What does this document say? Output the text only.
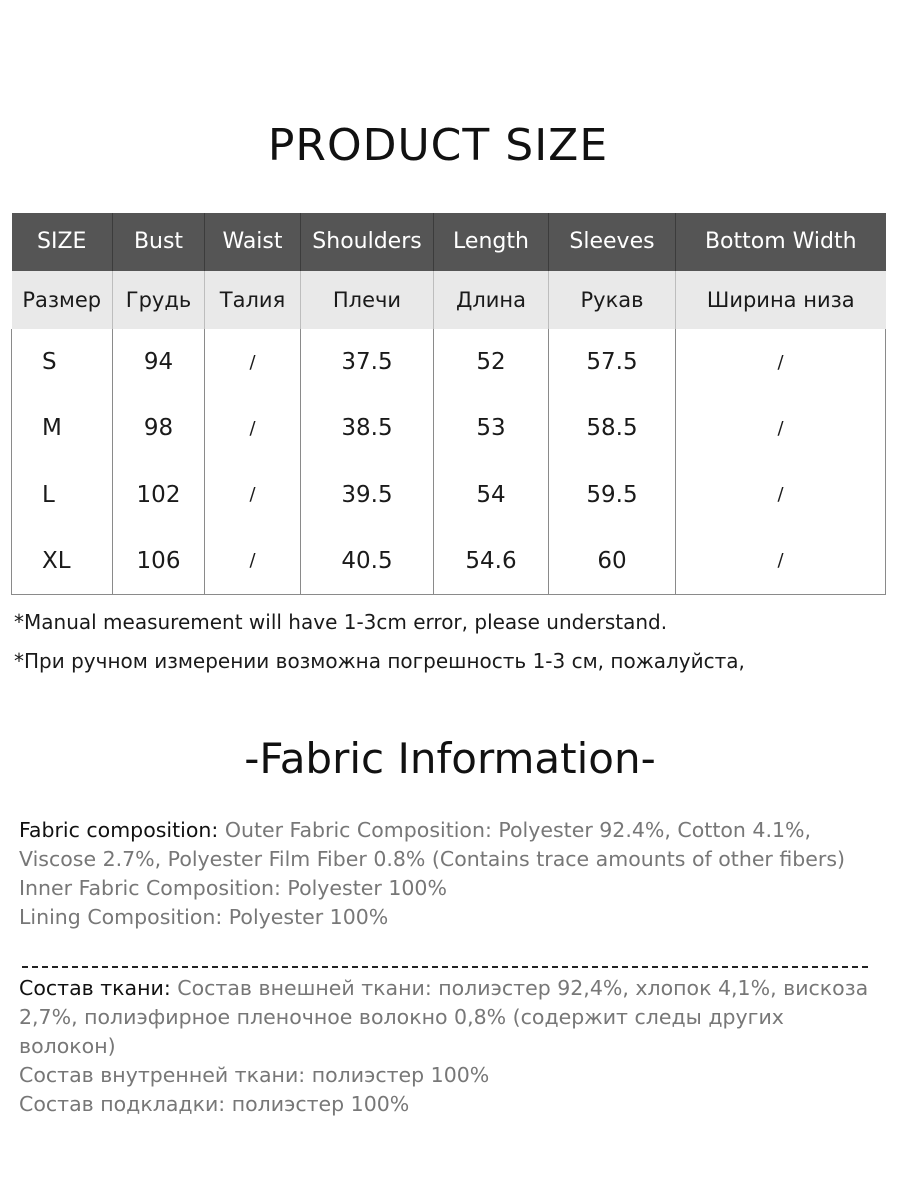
PRODUCT SIZE
SIZE	Bust	Waist	Shoulders	Length	Sleeves	Bottom Width
Размер	Грудь	Талия	Плечи	Длина	Рукав	Ширина низа
S	94	/	37.5	52	57.5	/
M	98	/	38.5	53	58.5	/
L	102	/	39.5	54	59.5	/
XL	106	/	40.5	54.6	60	/
*Manual measurement will have 1-3cm error, please understand.
*При ручном измерении возможна погрешность 1-3 см, пожалуйста,
-Fabric Information-
Fabric composition: Outer Fabric Composition: Polyester 92.4%, Cotton 4.1%, Viscose 2.7%, Polyester Film Fiber 0.8% (Contains trace amounts of other fibers)
Inner Fabric Composition: Polyester 100%
Lining Composition: Polyester 100%
Состав ткани: Состав внешней ткани: полиэстер 92,4%, хлопок 4,1%, вискоза 2,7%, полиэфирное пленочное волокно 0,8% (содержит следы других волокон)
Состав внутренней ткани: полиэстер 100%
Состав подкладки: полиэстер 100%
